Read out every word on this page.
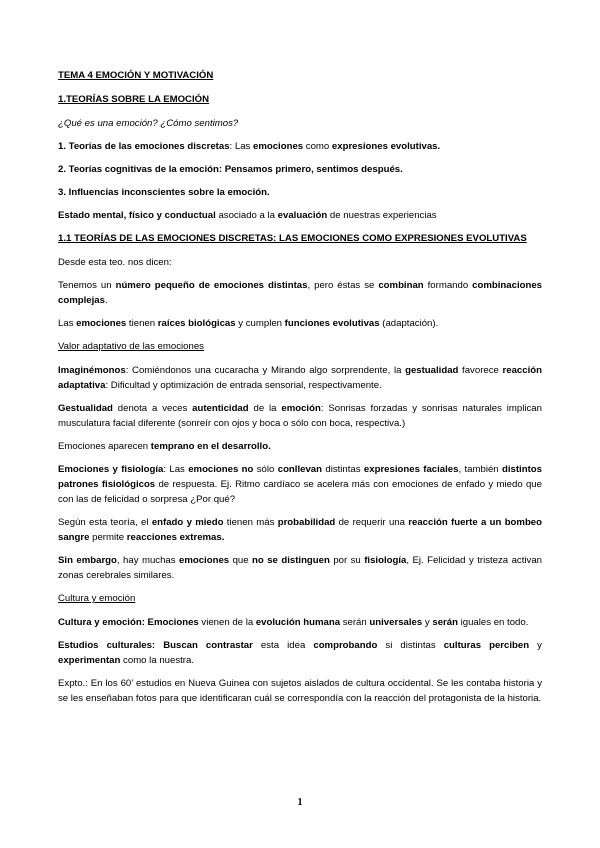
TEMA 4 EMOCIÓN Y MOTIVACIÓN

1.TEORÍAS SOBRE LA EMOCIÓN

¿Qué es una emoción? ¿Cómo sentimos?

1. Teorías de las emociones discretas: Las emociones como expresiones evolutivas.

2. Teorías cognitivas de la emoción: Pensamos primero, sentimos después.

3. Influencias inconscientes sobre la emoción.

Estado mental, físico y conductual asociado a la evaluación de nuestras experiencias

1.1 TEORÍAS DE LAS EMOCIONES DISCRETAS: LAS EMOCIONES COMO EXPRESIONES EVOLUTIVAS

Desde esta teo. nos dicen:

Tenemos un número pequeño de emociones distintas, pero éstas se combinan formando combinaciones complejas.

Las emociones tienen raíces biológicas y cumplen funciones evolutivas (adaptación).

Valor adaptativo de las emociones

Imaginémonos: Comiéndonos una cucaracha y Mirando algo sorprendente, la gestualidad favorece reacción adaptativa: Dificultad y optimización de entrada sensorial, respectivamente.

Gestualidad denota a veces autenticidad de la emoción: Sonrisas forzadas y sonrisas naturales implican musculatura facial diferente (sonreír con ojos y boca o sólo con boca, respectiva.)

Emociones aparecen temprano en el desarrollo.

Emociones y fisiología: Las emociones no sólo conllevan distintas expresiones faciales, también distintos patrones fisiológicos de respuesta. Ej. Ritmo cardíaco se acelera más con emociones de enfado y miedo que con las de felicidad o sorpresa ¿Por qué?

Según esta teoría, el enfado y miedo tienen más probabilidad de requerir una reacción fuerte a un bombeo sangre permite reacciones extremas.

Sin embargo, hay muchas emociones que no se distinguen por su fisiología, Ej. Felicidad y tristeza activan zonas cerebrales similares.

Cultura y emoción

Cultura y emoción: Emociones vienen de la evolución humana serán universales y serán iguales en todo.

Estudios culturales: Buscan contrastar esta idea comprobando si distintas culturas perciben y experimentan como la nuestra.

Expto.: En los 60’ estudios en Nueva Guinea con sujetos aislados de cultura occidental. Se les contaba historia y se les enseñaban fotos para que identificaran cuál se correspondía con la reacción del protagonista de la historia.

1
